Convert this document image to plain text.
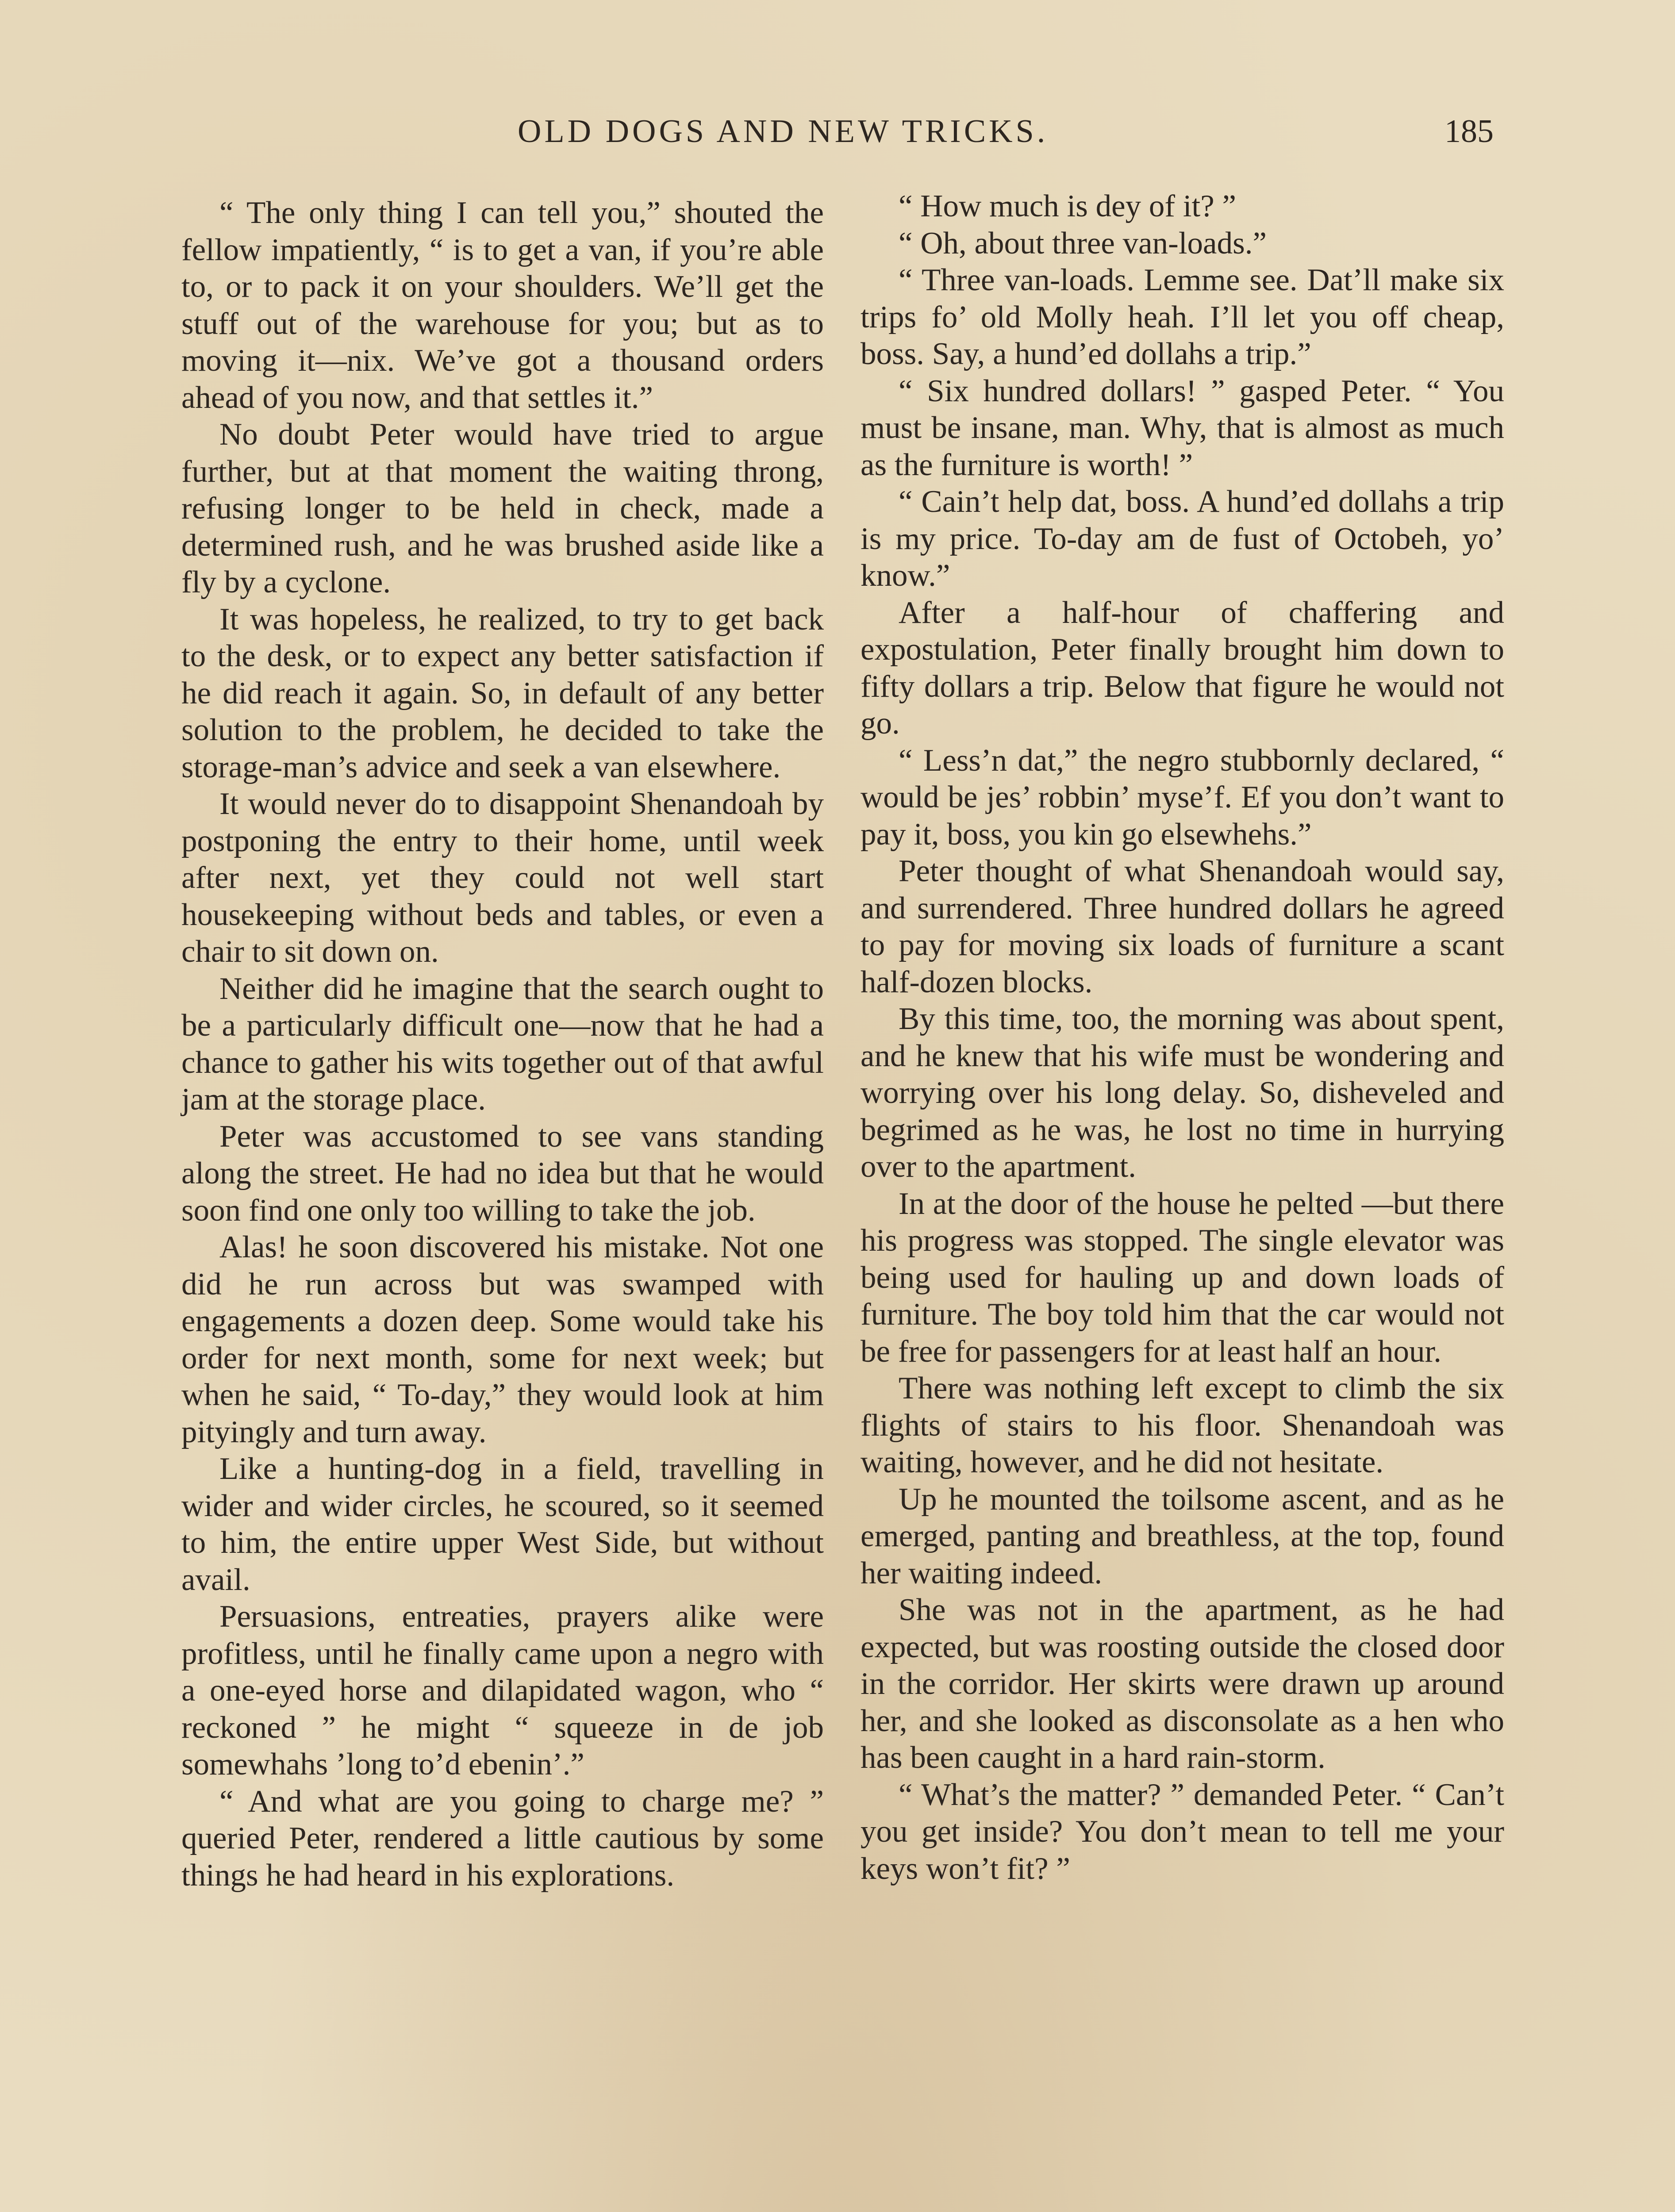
OLD DOGS AND NEW TRICKS.	185

“ The only thing I can tell you,” shouted the fellow impatiently, “ is to get a van, if you’re able to, or to pack it on your shoulders. We’ll get the stuff out of the warehouse for you; but as to moving it—nix. We’ve got a thousand orders ahead of you now, and that settles it.”

No doubt Peter would have tried to argue further, but at that moment the waiting throng, refusing longer to be held in check, made a determined rush, and he was brushed aside like a fly by a cyclone.

It was hopeless, he realized, to try to get back to the desk, or to expect any better satisfaction if he did reach it again. So, in default of any better solution to the problem, he decided to take the storage-man’s advice and seek a van elsewhere.

It would never do to disappoint Shenandoah by postponing the entry to their home, until week after next, yet they could not well start housekeeping without beds and tables, or even a chair to sit down on.

Neither did he imagine that the search ought to be a particularly difficult one—now that he had a chance to gather his wits together out of that awful jam at the storage place.

Peter was accustomed to see vans standing along the street. He had no idea but that he would soon find one only too willing to take the job.

Alas! he soon discovered his mistake. Not one did he run across but was swamped with engagements a dozen deep. Some would take his order for next month, some for next week; but when he said, “ To-day,” they would look at him pityingly and turn away.

Like a hunting-dog in a field, travelling in wider and wider circles, he scoured, so it seemed to him, the entire upper West Side, but without avail.

Persuasions, entreaties, prayers alike were profitless, until he finally came upon a negro with a one-eyed horse and dilapidated wagon, who “ reckoned ” he might “ squeeze in de job somewhahs ’long to’d ebenin’.”

“ And what are you going to charge me? ” queried Peter, rendered a little cautious by some things he had heard in his explorations.

“ How much is dey of it? ”

“ Oh, about three van-loads.”

“ Three van-loads. Lemme see. Dat’ll make six trips fo’ old Molly heah. I’ll let you off cheap, boss. Say, a hund’ed dollahs a trip.”

“ Six hundred dollars! ” gasped Peter. “ You must be insane, man. Why, that is almost as much as the furniture is worth! ”

“ Cain’t help dat, boss. A hund’ed dollahs a trip is my price. To-day am de fust of Octobeh, yo’ know.”

After a half-hour of chaffering and expostulation, Peter finally brought him down to fifty dollars a trip. Below that figure he would not go.

“ Less’n dat,” the negro stubbornly declared, “ would be jes’ robbin’ myse’f. Ef you don’t want to pay it, boss, you kin go elsewhehs.”

Peter thought of what Shenandoah would say, and surrendered. Three hundred dollars he agreed to pay for moving six loads of furniture a scant half-dozen blocks.

By this time, too, the morning was about spent, and he knew that his wife must be wondering and worrying over his long delay. So, disheveled and begrimed as he was, he lost no time in hurrying over to the apartment.

In at the door of the house he pelted —but there his progress was stopped. The single elevator was being used for hauling up and down loads of furniture. The boy told him that the car would not be free for passengers for at least half an hour.

There was nothing left except to climb the six flights of stairs to his floor. Shenandoah was waiting, however, and he did not hesitate.

Up he mounted the toilsome ascent, and as he emerged, panting and breathless, at the top, found her waiting indeed.

She was not in the apartment, as he had expected, but was roosting outside the closed door in the corridor. Her skirts were drawn up around her, and she looked as disconsolate as a hen who has been caught in a hard rain-storm.

“ What’s the matter? ” demanded Peter. “ Can’t you get inside? You don’t mean to tell me your keys won’t fit? ”
